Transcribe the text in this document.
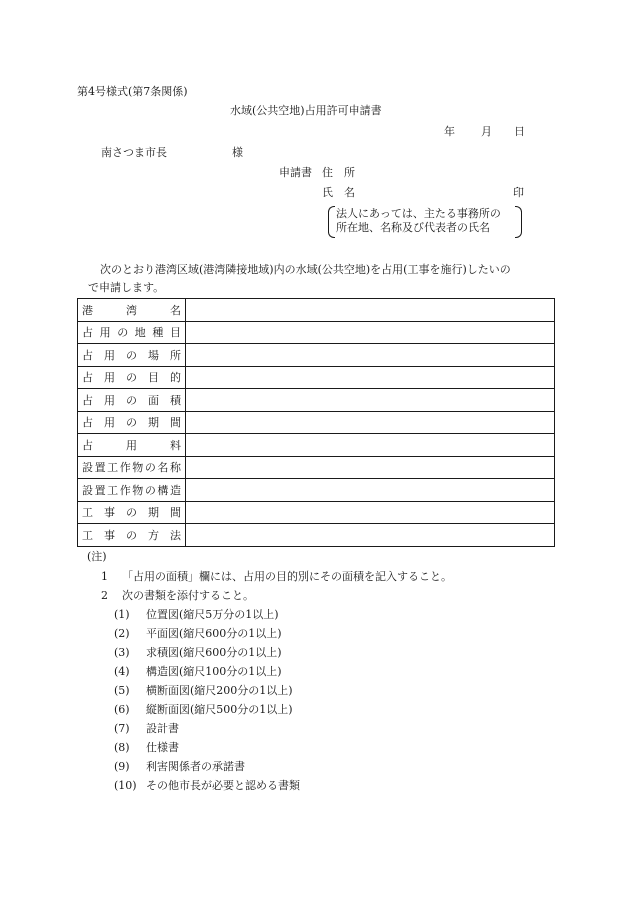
第4号様式(第7条関係)
水域(公共空地)占用許可申請書
年 月 日
南さつま市長	様
申請書 住　所
氏　名	印
法人にあっては、主たる事務所の
所在地、名称及び代表者の氏名
次のとおり港湾区域(港湾隣接地域)内の水域(公共空地)を占用(工事を施行)したいの
で申請します。
港湾名	
占用の地種目	
占用の場所	
占用の目的	
占用の面積	
占用の期間	
占用料	
設置工作物の名称	
設置工作物の構造	
工事の期間	
工事の方法	
(注)
1 「占用の面積」欄には、占用の目的別にその面積を記入すること。
2 次の書類を添付すること。
(1) 位置図(縮尺5万分の1以上)
(2) 平面図(縮尺600分の1以上)
(3) 求積図(縮尺600分の1以上)
(4) 構造図(縮尺100分の1以上)
(5) 横断面図(縮尺200分の1以上)
(6) 縦断面図(縮尺500分の1以上)
(7) 設計書
(8) 仕様書
(9) 利害関係者の承諾書
(10) その他市長が必要と認める書類
